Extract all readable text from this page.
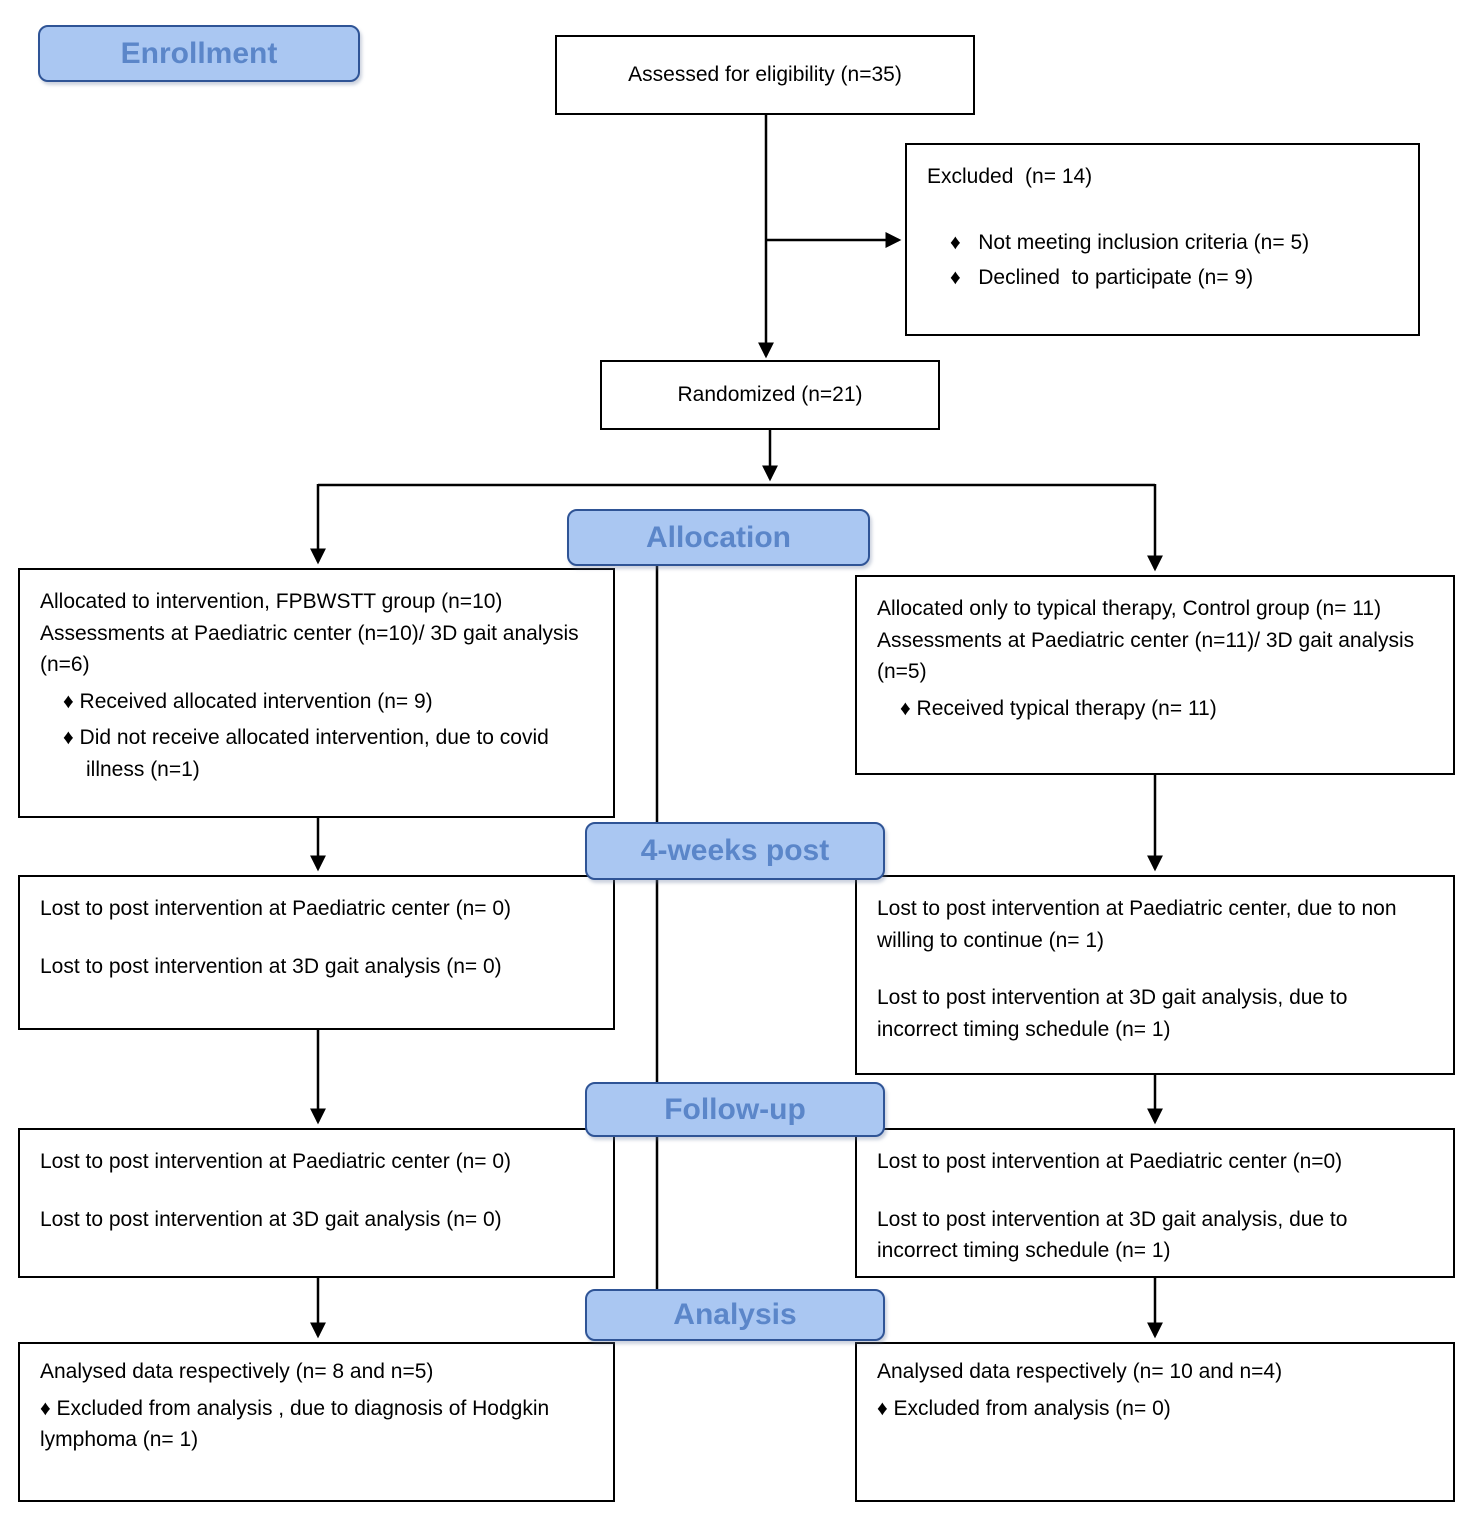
Enrollment
Allocation
4-weeks post
Follow-up
Analysis
Assessed for eligibility (n=35)
Excluded  (n= 14)
♦   Not meeting inclusion criteria (n= 5)
♦   Declined  to participate (n= 9)
Randomized (n=21)
Allocated to intervention, FPBWSTT group (n=10)
Assessments at Paediatric center (n=10)/ 3D gait analysis (n=6)
♦ Received allocated intervention (n= 9)
♦ Did not receive allocated intervention, due to covid illness (n=1)
Allocated only to typical therapy, Control group (n= 11)
Assessments at Paediatric center (n=11)/ 3D gait analysis (n=5)
♦ Received typical therapy (n= 11)
Lost to post intervention at Paediatric center (n= 0)
Lost to post intervention at 3D gait analysis (n= 0)
Lost to post intervention at Paediatric center, due to non willing to continue (n= 1)
Lost to post intervention at 3D gait analysis, due to incorrect timing schedule (n= 1)
Lost to post intervention at Paediatric center (n= 0)
Lost to post intervention at 3D gait analysis (n= 0)
Lost to post intervention at Paediatric center (n=0)
Lost to post intervention at 3D gait analysis, due to incorrect timing schedule (n= 1)
Analysed data respectively (n= 8 and n=5)
♦ Excluded from analysis , due to diagnosis of Hodgkin lymphoma (n= 1)
Analysed data respectively (n= 10 and n=4)
♦ Excluded from analysis (n= 0)
